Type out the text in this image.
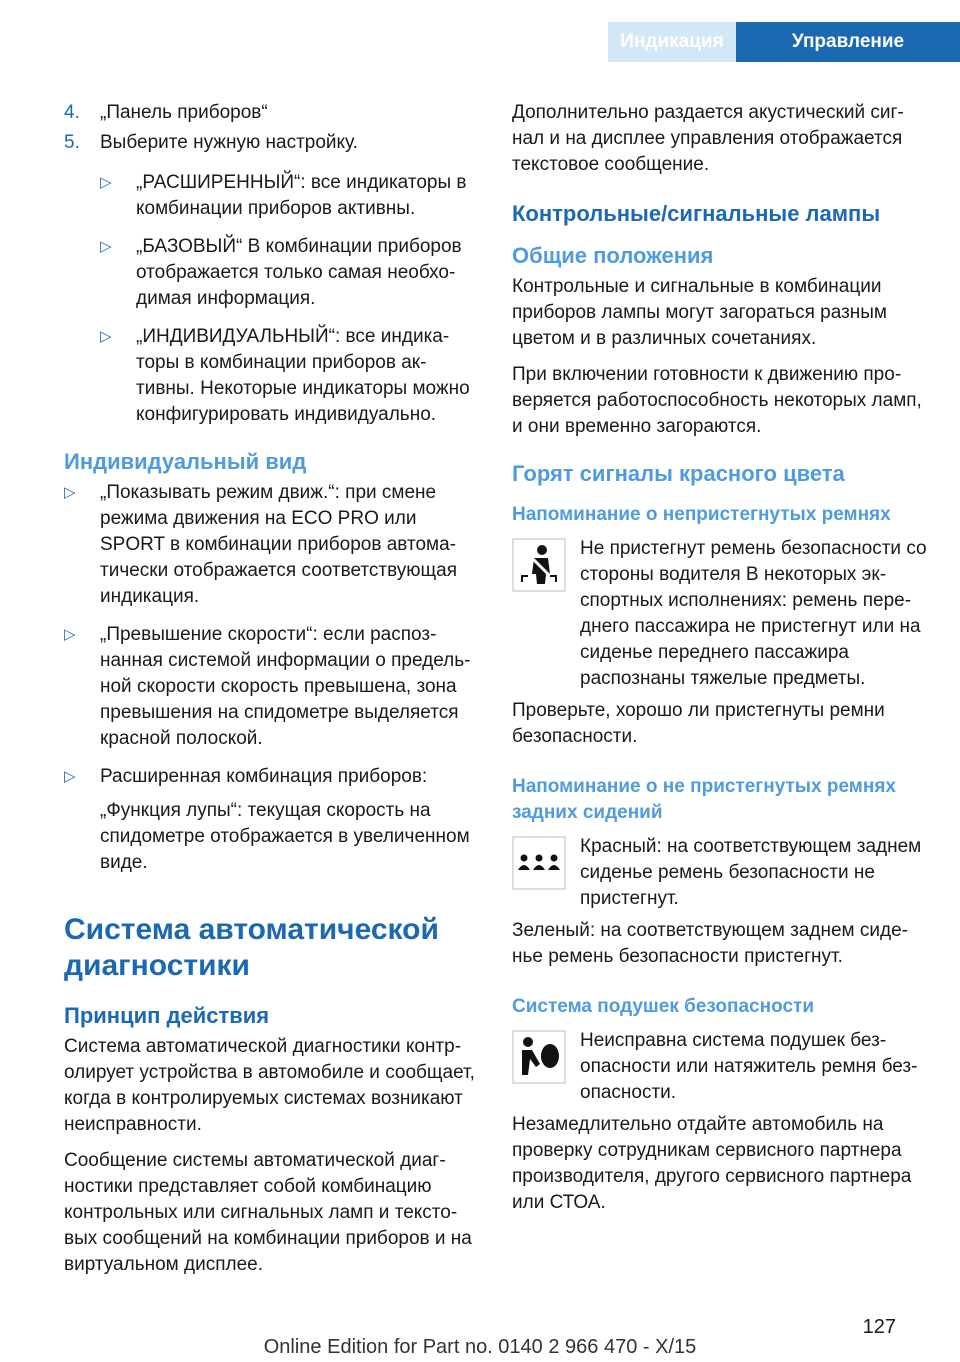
Индикация	Управление
4.	„Панель приборов“
5.	Выберите нужную настройку.
▷	„РАСШИРЕННЫЙ“: все индикаторы в комбинации приборов активны.
▷	„БАЗОВЫЙ“ В комбинации приборов отображается только самая необходимая информация.
▷	„ИНДИВИДУАЛЬНЫЙ“: все индикаторы в комбинации приборов активны. Некоторые индикаторы можно конфигурировать индивидуально.
Индивидуальный вид
▷	„Показывать режим движ.“: при смене режима движения на ECO PRO или SPORT в комбинации приборов автоматически отображается соответствующая индикация.
▷	„Превышение скорости“: если распознанная системой информации о предельной скорости скорость превышена, зона превышения на спидометре выделяется красной полоской.
▷	Расширенная комбинация приборов:

„Функция лупы“: текущая скорость на спидометре отображается в увеличенном виде.

Система автоматической диагностики
Принцип действия

Система автоматической диагностики контролирует устройства в автомобиле и сообщает, когда в контролируемых системах возникают неисправности.

Сообщение системы автоматической диагностики представляет собой комбинацию контрольных или сигнальных ламп и текстовых сообщений на комбинации приборов и на виртуальном дисплее.

Дополнительно раздается акустический сигнал и на дисплее управления отображается текстовое сообщение.

Контрольные/сигнальные лампы
Общие положения

Контрольные и сигнальные в комбинации приборов лампы могут загораться разным цветом и в различных сочетаниях.

При включении готовности к движению проверяется работоспособность некоторых ламп, и они временно загораются.

Горят сигналы красного цвета
Напоминание о непристегнутых ремнях

Не пристегнут ремень безопасности со стороны водителя В некоторых экспортных исполнениях: ремень переднего пассажира не пристегнут или на сиденье переднего пассажира распознаны тяжелые предметы.

Проверьте, хорошо ли пристегнуты ремни безопасности.

Напоминание о не пристегнутых ремнях задних сидений

Красный: на соответствующем заднем сиденье ремень безопасности не пристегнут.

Зеленый: на соответствующем заднем сиденье ремень безопасности пристегнут.

Система подушек безопасности

Неисправна система подушек безопасности или натяжитель ремня безопасности.

Незамедлительно отдайте автомобиль на проверку сотрудникам сервисного партнера производителя, другого сервисного партнера или СТОА.

127
Online Edition for Part no. 0140 2 966 470 - X/15
